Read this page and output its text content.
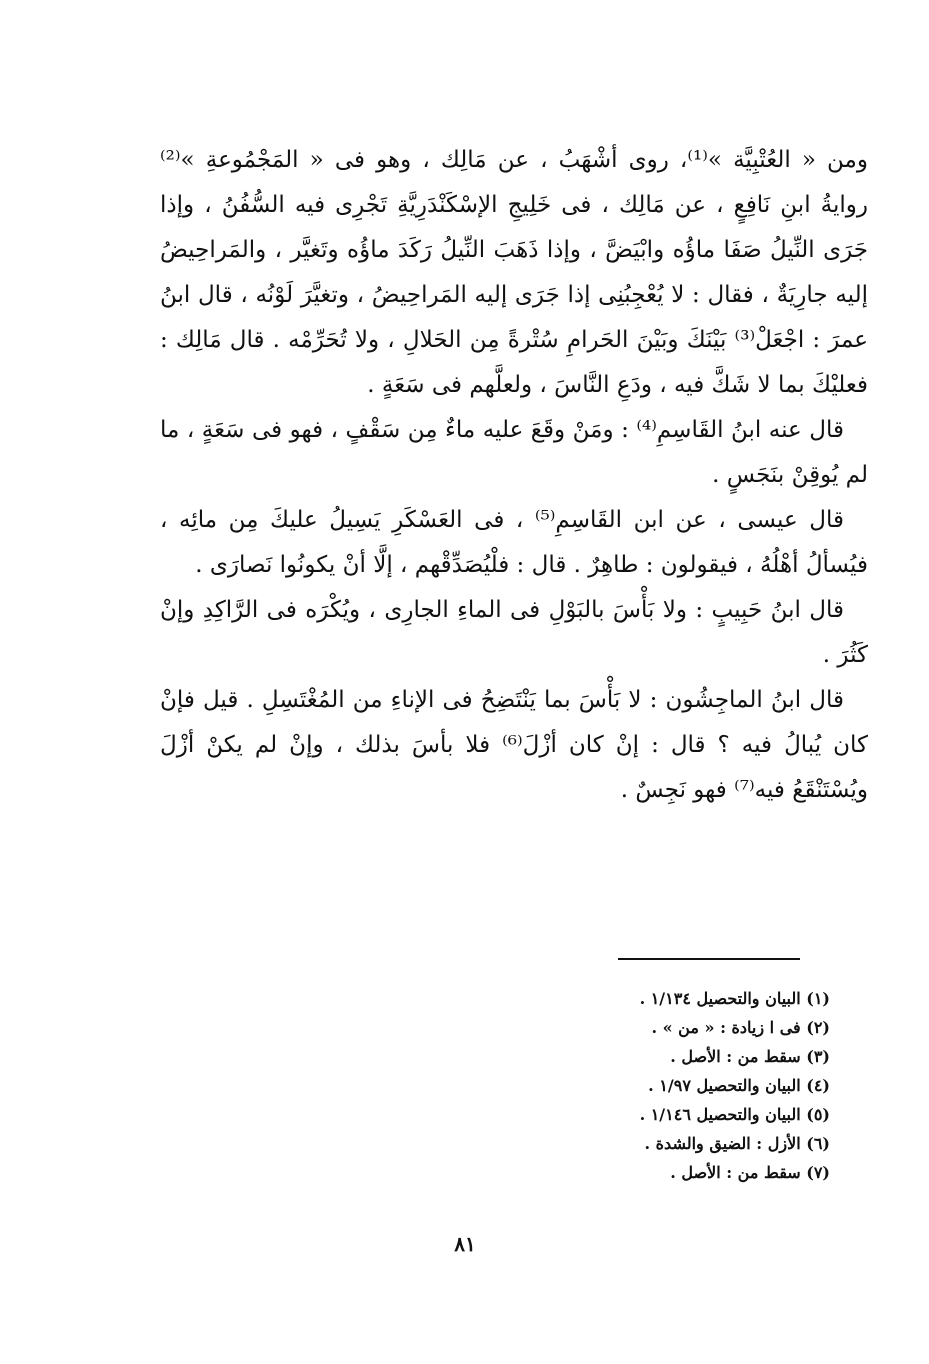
ومن « العُتْبِيَّة »⁽¹⁾، روى أشْهَبُ ، عن مَالِك ، وهو فى « المَجْمُوعةِ »⁽²⁾ روايةُ ابنِ نَافِعٍ ، عن مَالِك ، فى خَلِيجِ الإسْكَنْدَرِيَّةِ تَجْرِى فيه السُّفُنُ ، وإذا جَرَى النِّيلُ صَفَا ماؤُه وابْيَضَّ ، وإذا ذَهَبَ النِّيلُ رَكَدَ ماؤُه وتَغيَّر ، والمَراحِيضُ إليه جارِيَةٌ ، فقال : لا يُعْجِبُنِى إذا جَرَى إليه المَراحِيضُ ، وتغيَّرَ لَوْنُه ، قال ابنُ عمرَ : اجْعَلْ⁽³⁾ بَيْنَكَ وبَيْنَ الحَرامِ سُتْرةً مِن الحَلالِ ، ولا تُحَرِّمْه . قال مَالِك : فعليْكَ بما لا شَكَّ فيه ، ودَعِ النَّاسَ ، ولعلَّهم فى سَعَةٍ .

قال عنه ابنُ القَاسِمِ⁽⁴⁾ : ومَنْ وقَعَ عليه ماءٌ مِن سَقْفٍ ، فهو فى سَعَةٍ ، ما لم يُوقِنْ بنَجَسٍ .

قال عيسى ، عن ابن القَاسِمِ⁽⁵⁾ ، فى العَسْكَرِ يَسِيلُ عليكَ مِن مائِه ، فيُسألُ أهْلُهُ ، فيقولون : طاهِرٌ . قال : فلْيُصَدِّقْهم ، إلَّا أنْ يكونُوا نَصارَى .

قال ابنُ حَبِيبٍ : ولا بَأْسَ بالبَوْلِ فى الماءِ الجارِى ، ويُكْرَه فى الرَّاكِدِ وإنْ كَثُرَ .

قال ابنُ الماجِشُون : لا بَأْسَ بما يَنْتَضِحُ فى الإناءِ من المُغْتَسِلِ . قيل فإنْ كان يُبالُ فيه ؟ قال : إنْ كان أزْلَ⁽⁶⁾ فلا بأسَ بذلك ، وإنْ لم يكنْ أزْلَ ويُسْتَنْقَعُ فيه⁽⁷⁾ فهو نَجِسٌ .

(١) البيان والتحصيل ١/١٣٤ .
(٢) فى ا زيادة : « من » .
(٣) سقط من : الأصل .
(٤) البيان والتحصيل ١/٩٧ .
(٥) البيان والتحصيل ١/١٤٦ .
(٦) الأزل : الضيق والشدة .
(٧) سقط من : الأصل .
٨١
